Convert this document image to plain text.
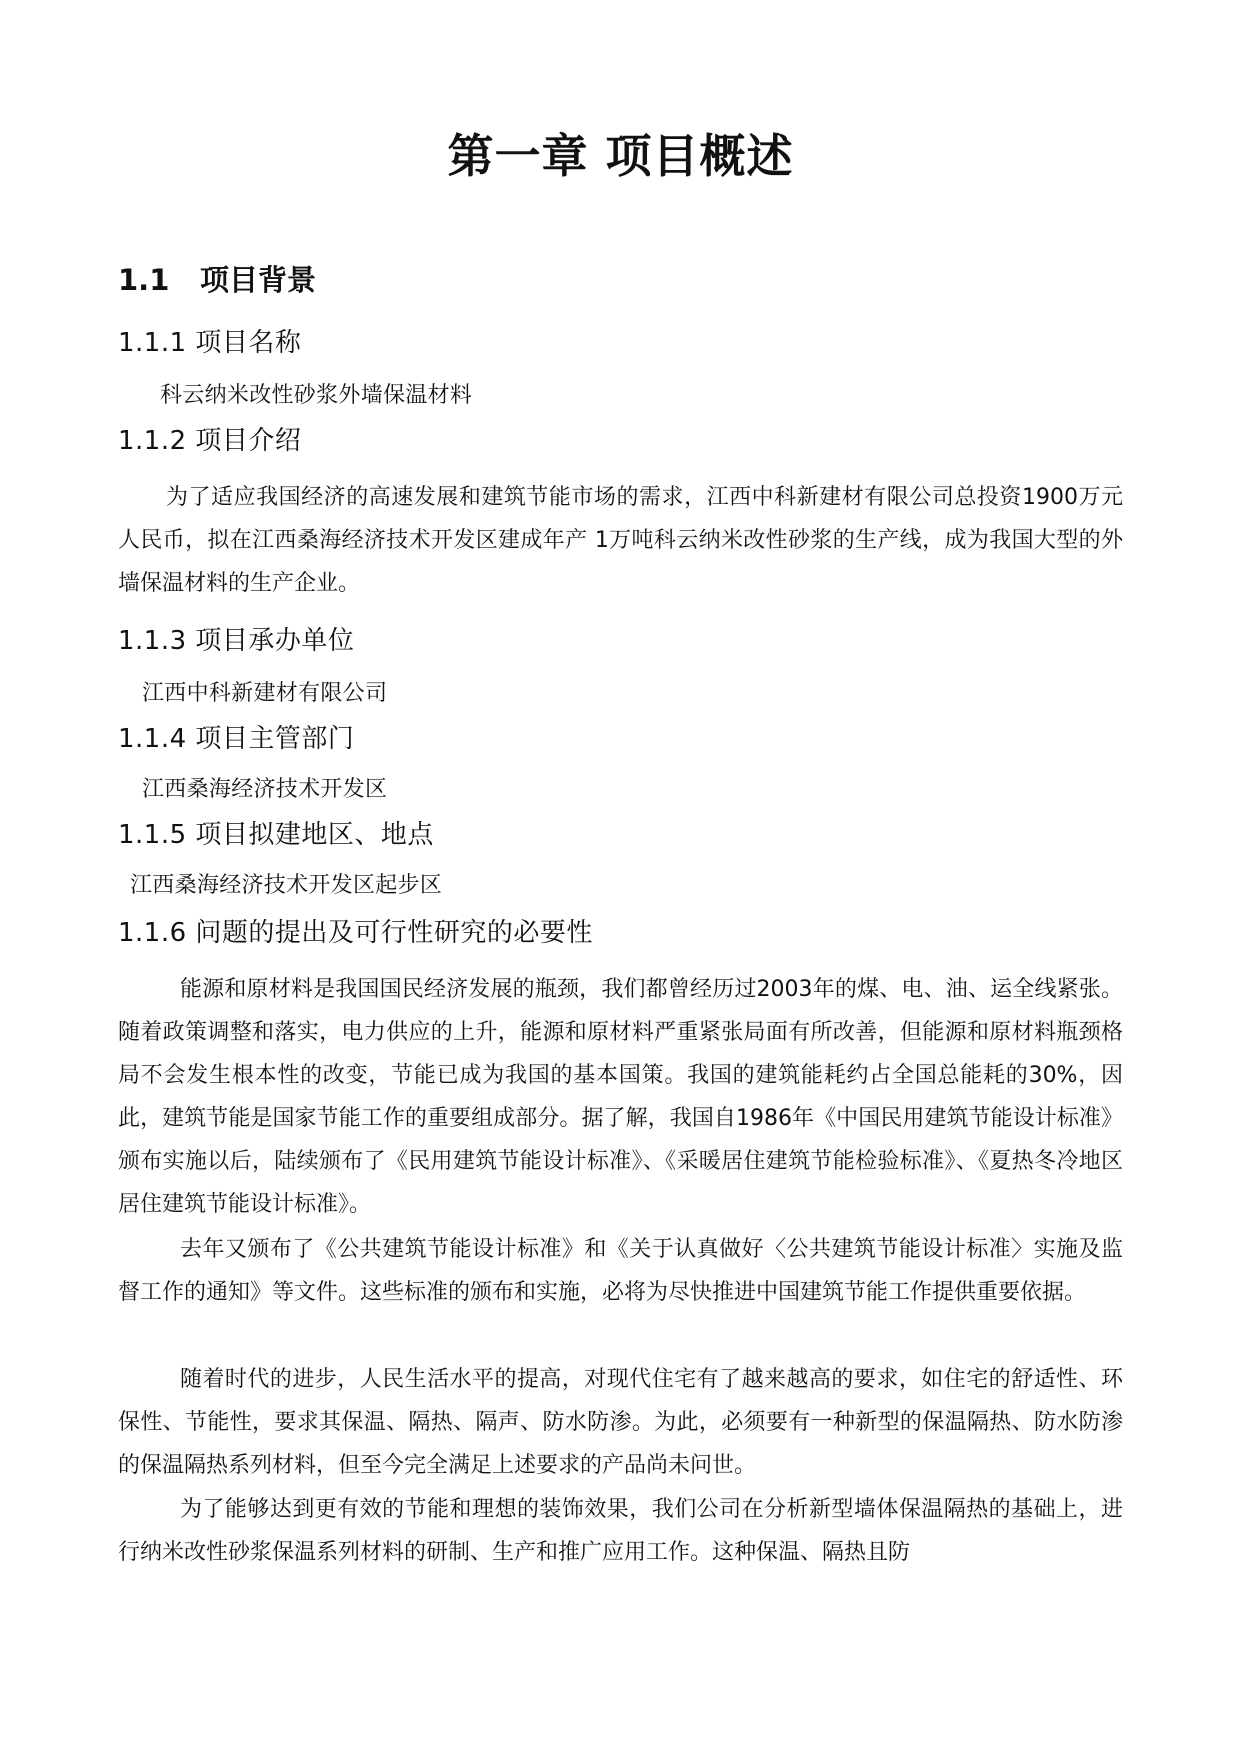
第一章 项目概述
1.1 项目背景
1.1.1 项目名称
科云纳米改性砂浆外墙保温材料
1.1.2 项目介绍

为了适应我国经济的高速发展和建筑节能市场的需求，江西中科新建材有限公司总投资1900万元人民币，拟在江西桑海经济技术开发区建成年产 1万吨科云纳米改性砂浆的生产线，成为我国大型的外墙保温材料的生产企业。

1.1.3 项目承办单位
江西中科新建材有限公司
1.1.4 项目主管部门
江西桑海经济技术开发区
1.1.5 项目拟建地区、地点
江西桑海经济技术开发区起步区
1.1.6 问题的提出及可行性研究的必要性

能源和原材料是我国国民经济发展的瓶颈，我们都曾经历过2003年的煤、电、油、运全线紧张。随着政策调整和落实，电力供应的上升，能源和原材料严重紧张局面有所改善，但能源和原材料瓶颈格局不会发生根本性的改变，节能已成为我国的基本国策。我国的建筑能耗约占全国总能耗的30%，因此，建筑节能是国家节能工作的重要组成部分。据了解，我国自1986年《中国民用建筑节能设计标准》颁布实施以后，陆续颁布了《民用建筑节能设计标准》、《采暖居住建筑节能检验标准》、《夏热冬冷地区居住建筑节能设计标准》。

去年又颁布了《公共建筑节能设计标准》和《关于认真做好〈公共建筑节能设计标准〉实施及监督工作的通知》等文件。这些标准的颁布和实施，必将为尽快推进中国建筑节能工作提供重要依据。

随着时代的进步，人民生活水平的提高，对现代住宅有了越来越高的要求，如住宅的舒适性、环保性、节能性，要求其保温、隔热、隔声、防水防渗。为此，必须要有一种新型的保温隔热、防水防渗的保温隔热系列材料，但至今完全满足上述要求的产品尚未问世。

为了能够达到更有效的节能和理想的装饰效果，我们公司在分析新型墙体保温隔热的基础上，进行纳米改性砂浆保温系列材料的研制、生产和推广应用工作。这种保温、隔热且防
